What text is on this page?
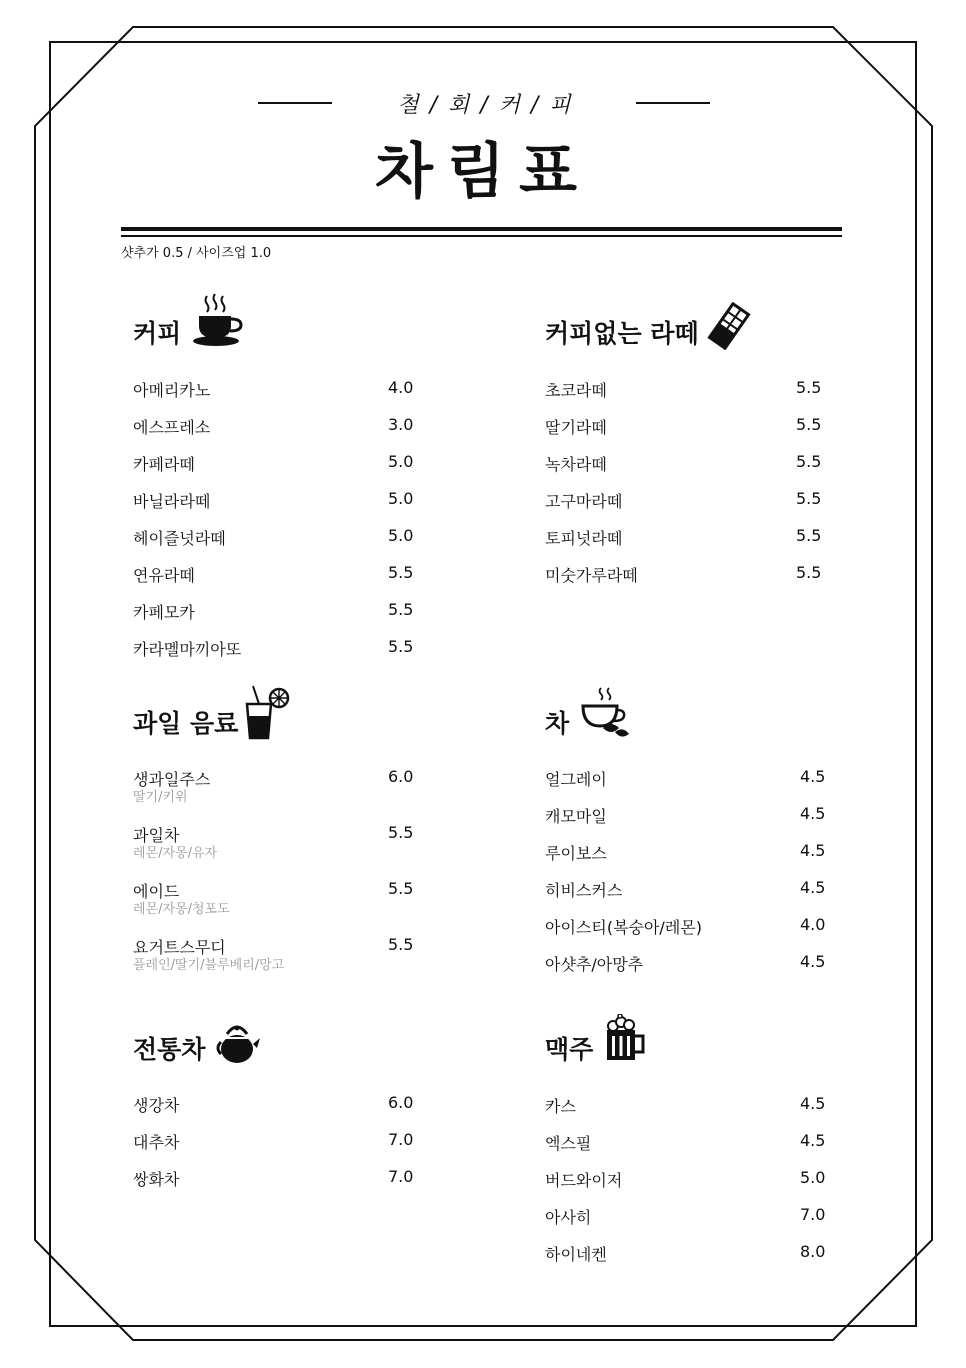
철 / 회 / 커 / 피
차림표
샷추가 0.5 / 사이즈업 1.0
커피
아메리카노	4.0
에스프레소	3.0
카페라떼	5.0
바닐라라떼	5.0
헤이즐넛라떼	5.0
연유라떼	5.5
카페모카	5.5
카라멜마끼아또	5.5
커피없는 라떼
초코라떼	5.5
딸기라떼	5.5
녹차라떼	5.5
고구마라떼	5.5
토피넛라떼	5.5
미숫가루라떼	5.5
과일 음료
생과일주스	6.0
딸기/키위
과일차	5.5
레몬/자몽/유자
에이드	5.5
레몬/자몽/청포도
요거트스무디	5.5
플레인/딸기/블루베리/망고
차
얼그레이	4.5
캐모마일	4.5
루이보스	4.5
히비스커스	4.5
아이스티(복숭아/레몬)	4.0
아샷추/아망추	4.5
전통차
생강차	6.0
대추차	7.0
쌍화차	7.0
맥주
카스	4.5
엑스필	4.5
버드와이저	5.0
아사히	7.0
하이네켄	8.0
